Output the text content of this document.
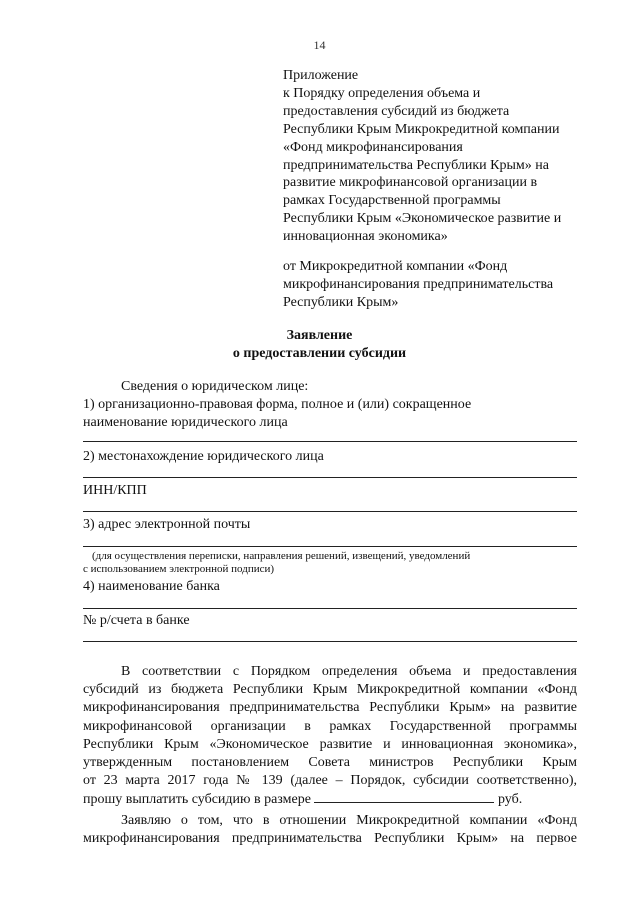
14
Приложение
к Порядку определения объема и
предоставления субсидий из бюджета
Республики Крым Микрокредитной компании
«Фонд микрофинансирования
предпринимательства Республики Крым» на
развитие микрофинансовой организации в
рамках Государственной программы
Республики Крым «Экономическое развитие и
инновационная экономика»
от Микрокредитной компании «Фонд
микрофинансирования предпринимательства
Республики Крым»
Заявление
о предоставлении субсидии
Сведения о юридическом лице:
1) организационно-правовая форма, полное и (или) сокращенное
наименование юридического лица
2) местонахождение юридического лица
ИНН/КПП
3) адрес электронной почты
(для осуществления переписки, направления решений, извещений, уведомлений
с использованием электронной подписи)
4) наименование банка
№ р/счета в банке
В соответствии с Порядком определения объема и предоставления
субсидий из бюджета Республики Крым Микрокредитной компании «Фонд
микрофинансирования предпринимательства Республики Крым» на развитие
микрофинансовой организации в рамках Государственной программы
Республики Крым «Экономическое развитие и инновационная экономика»,
утвержденным постановлением Совета министров Республики Крым
от 23 марта 2017 года № 139 (далее – Порядок, субсидии соответственно),
прошу выплатить субсидию в размере	руб.
Заявляю о том, что в отношении Микрокредитной компании «Фонд
микрофинансирования предпринимательства Республики Крым» на первое
